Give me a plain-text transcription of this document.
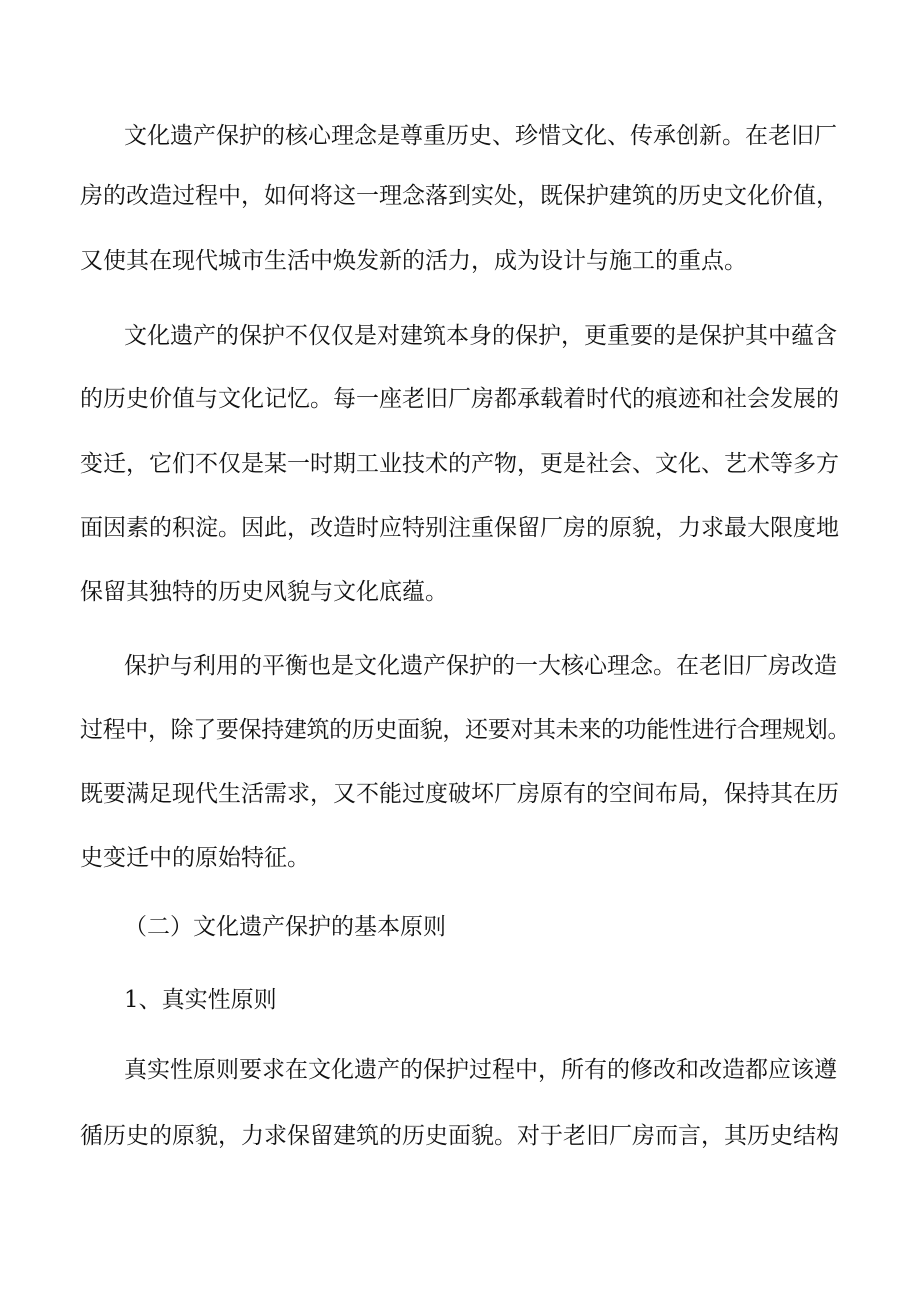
文化遗产保护的核心理念是尊重历史、珍惜文化、传承创新。在老旧厂
房的改造过程中，如何将这一理念落到实处，既保护建筑的历史文化价值，
又使其在现代城市生活中焕发新的活力，成为设计与施工的重点。
文化遗产的保护不仅仅是对建筑本身的保护，更重要的是保护其中蕴含
的历史价值与文化记忆。每一座老旧厂房都承载着时代的痕迹和社会发展的
变迁，它们不仅是某一时期工业技术的产物，更是社会、文化、艺术等多方
面因素的积淀。因此，改造时应特别注重保留厂房的原貌，力求最大限度地
保留其独特的历史风貌与文化底蕴。
保护与利用的平衡也是文化遗产保护的一大核心理念。在老旧厂房改造
过程中，除了要保持建筑的历史面貌，还要对其未来的功能性进行合理规划。
既要满足现代生活需求，又不能过度破坏厂房原有的空间布局，保持其在历
史变迁中的原始特征。
（二）文化遗产保护的基本原则
1、真实性原则
真实性原则要求在文化遗产的保护过程中，所有的修改和改造都应该遵
循历史的原貌，力求保留建筑的历史面貌。对于老旧厂房而言，其历史结构
